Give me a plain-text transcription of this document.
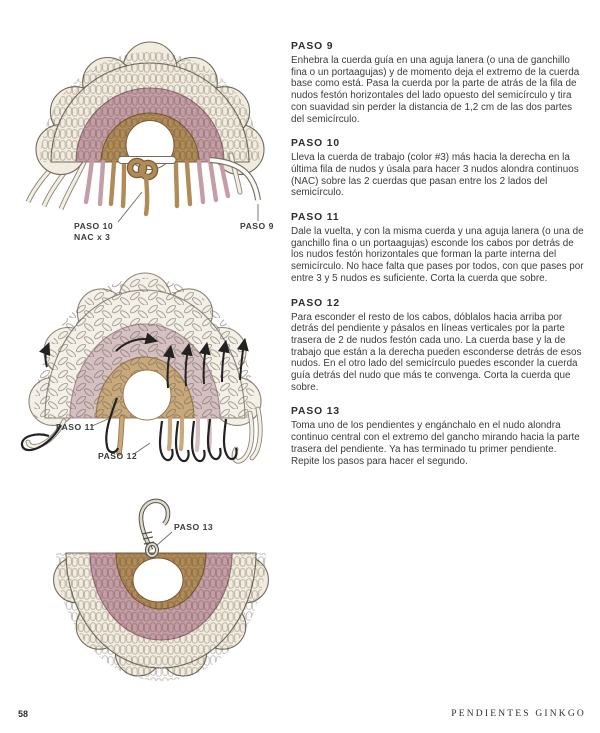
PASO 10
NAC x 3
PASO 9
PASO 11
PASO 12
PASO 13
PASO 9

Enhebra la cuerda guía en una aguja lanera (o una de ganchillo fina o un portaagujas) y de momento deja el extremo de la cuerda base como está. Pasa la cuerda por la parte de atrás de la fila de nudos festón horizontales del lado opuesto del semicírculo y tira con suavidad sin perder la distancia de 1,2 cm de las dos partes del semicírculo.

PASO 10

Lleva la cuerda de trabajo (color #3) más hacia la derecha en la última fila de nudos y úsala para hacer 3 nudos alondra continuos (NAC) sobre las 2 cuerdas que pasan entre los 2 lados del semicírculo.

PASO 11

Dale la vuelta, y con la misma cuerda y una aguja lanera (o una de ganchillo fina o un portaagujas) esconde los cabos por detrás de los nudos festón horizontales que forman la parte interna del semicírculo. No hace falta que pases por todos, con que pases por entre 3 y 5 nudos es suficiente. Corta la cuerda que sobre.

PASO 12

Para esconder el resto de los cabos, dóblalos hacia arriba por detrás del pendiente y pásalos en líneas verticales por la parte trasera de 2 de nudos festón cada uno. La cuerda base y la de trabajo que están a la derecha pueden esconderse detrás de esos nudos. En el otro lado del semicírculo puedes esconder la cuerda guía detrás del nudo que más te convenga. Corta la cuerda que sobre.

PASO 13

Toma uno de los pendientes y engánchalo en el nudo alondra continuo central con el extremo del gancho mirando hacia la parte trasera del pendiente. Ya has terminado tu primer pendiente. Repite los pasos para hacer el segundo.

58	PENDIENTES GINKGO
